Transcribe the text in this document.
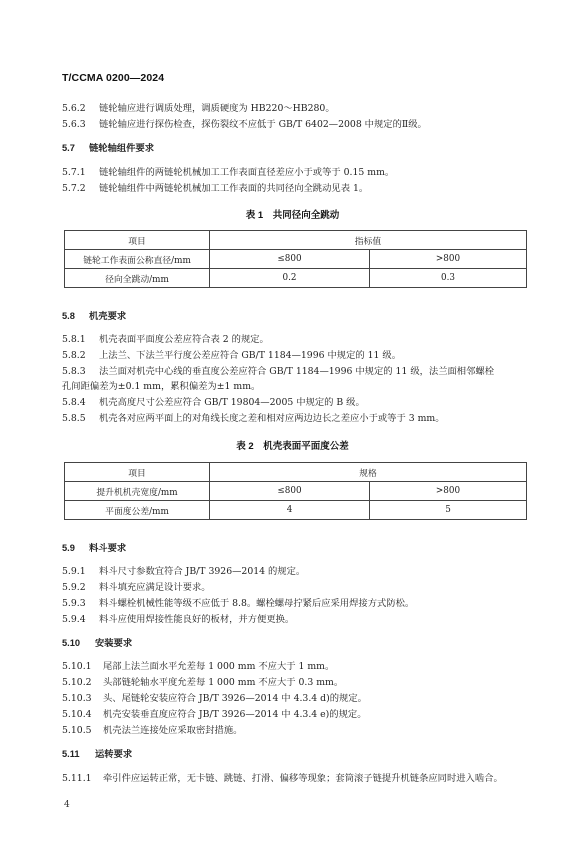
T/CCMA 0200—2024
5.6.2 链轮轴应进行调质处理，调质硬度为 HB220～HB280。
5.6.3 链轮轴应进行探伤检查，探伤裂纹不应低于 GB/T 6402—2008 中规定的Ⅱ级。
5.7 链轮轴组件要求
5.7.1 链轮轴组件的两链轮机械加工工作表面直径差应小于或等于 0.15 mm。
5.7.2 链轮轴组件中两链轮机械加工工作表面的共同径向全跳动见表 1。
表 1　共同径向全跳动
项目	指标值	
链轮工作表面公称直径/mm	≤800	>800
径向全跳动/mm	0.2	0.3
5.8 机壳要求
5.8.1 机壳表面平面度公差应符合表 2 的规定。
5.8.2 上法兰、下法兰平行度公差应符合 GB/T 1184—1996 中规定的 11 级。
5.8.3 法兰面对机壳中心线的垂直度公差应符合 GB/T 1184—1996 中规定的 11 级，法兰面相邻螺栓
孔间距偏差为±0.1 mm，累积偏差为±1 mm。
5.8.4 机壳高度尺寸公差应符合 GB/T 19804—2005 中规定的 B 级。
5.8.5 机壳各对应两平面上的对角线长度之差和相对应两边边长之差应小于或等于 3 mm。
表 2　机壳表面平面度公差
项目	规格	
提升机机壳宽度/mm	≤800	>800
平面度公差/mm	4	5
5.9 料斗要求
5.9.1 料斗尺寸参数宜符合 JB/T 3926—2014 的规定。
5.9.2 料斗填充应满足设计要求。
5.9.3 料斗螺栓机械性能等级不应低于 8.8。螺栓螺母拧紧后应采用焊接方式防松。
5.9.4 料斗应使用焊接性能良好的板材，并方便更换。
5.10 安装要求
5.10.1 尾部上法兰面水平允差每 1 000 mm 不应大于 1 mm。
5.10.2 头部链轮轴水平度允差每 1 000 mm 不应大于 0.3 mm。
5.10.3 头、尾链轮安装应符合 JB/T 3926—2014 中 4.3.4 d)的规定。
5.10.4 机壳安装垂直度应符合 JB/T 3926—2014 中 4.3.4 e)的规定。
5.10.5 机壳法兰连接处应采取密封措施。
5.11 运转要求
5.11.1 牵引件应运转正常，无卡链、跳链、打滑、偏移等现象；套筒滚子链提升机链条应同时进入啮合。
4
